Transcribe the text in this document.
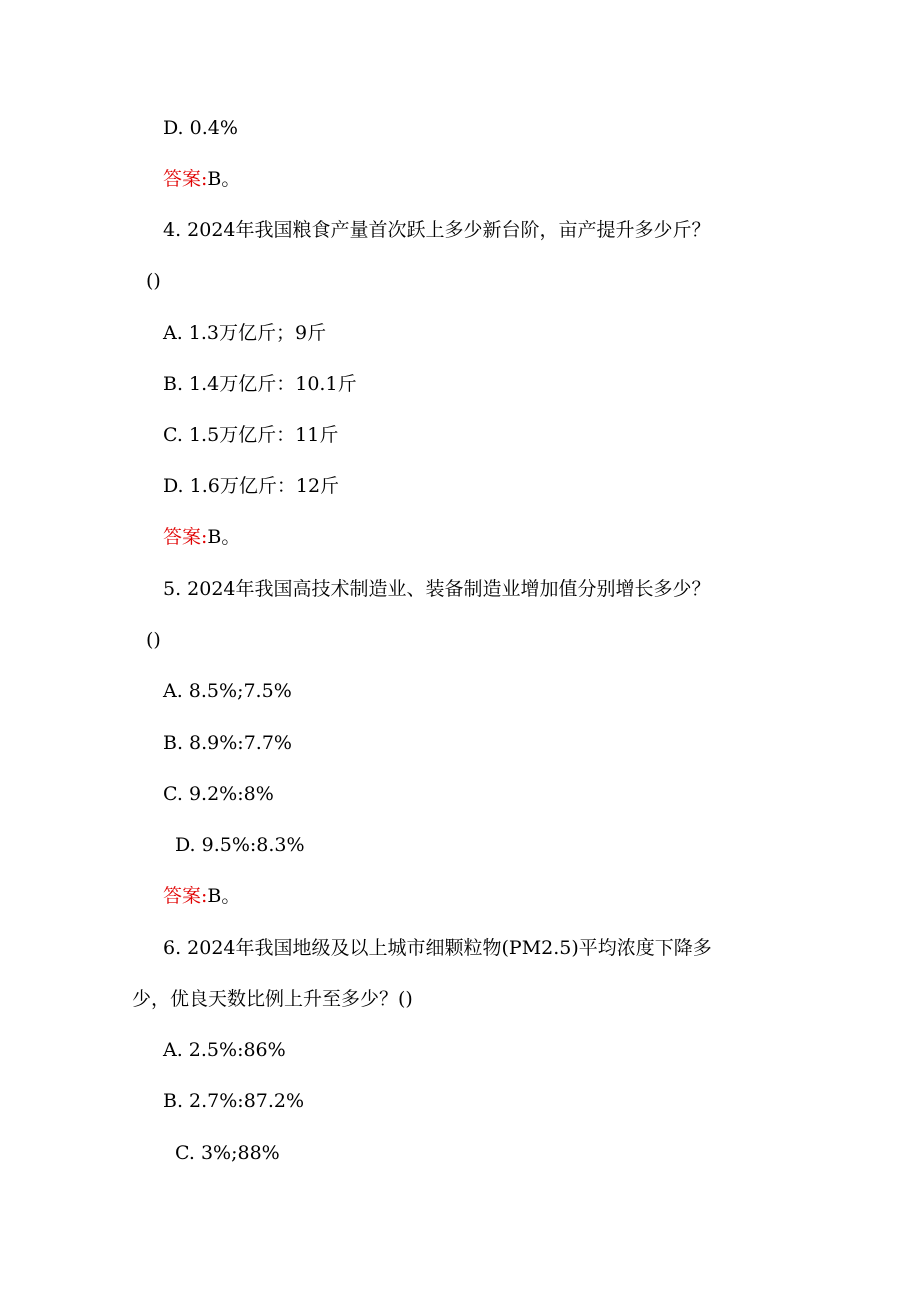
D. 0.4%
答案:B。
4. 2024年我国粮食产量首次跃上多少新台阶，亩产提升多少斤？
()
A. 1.3万亿斤；9斤
B. 1.4万亿斤：10.1斤
C. 1.5万亿斤：11斤
D. 1.6万亿斤：12斤
答案:B。
5. 2024年我国高技术制造业、装备制造业增加值分别增长多少？
()
A. 8.5%;7.5%
B. 8.9%:7.7%
C. 9.2%:8%
D. 9.5%:8.3%
答案:B。
6. 2024年我国地级及以上城市细颗粒物(PM2.5)平均浓度下降多
少，优良天数比例上升至多少？()
A. 2.5%:86%
B. 2.7%:87.2%
C. 3%;88%
